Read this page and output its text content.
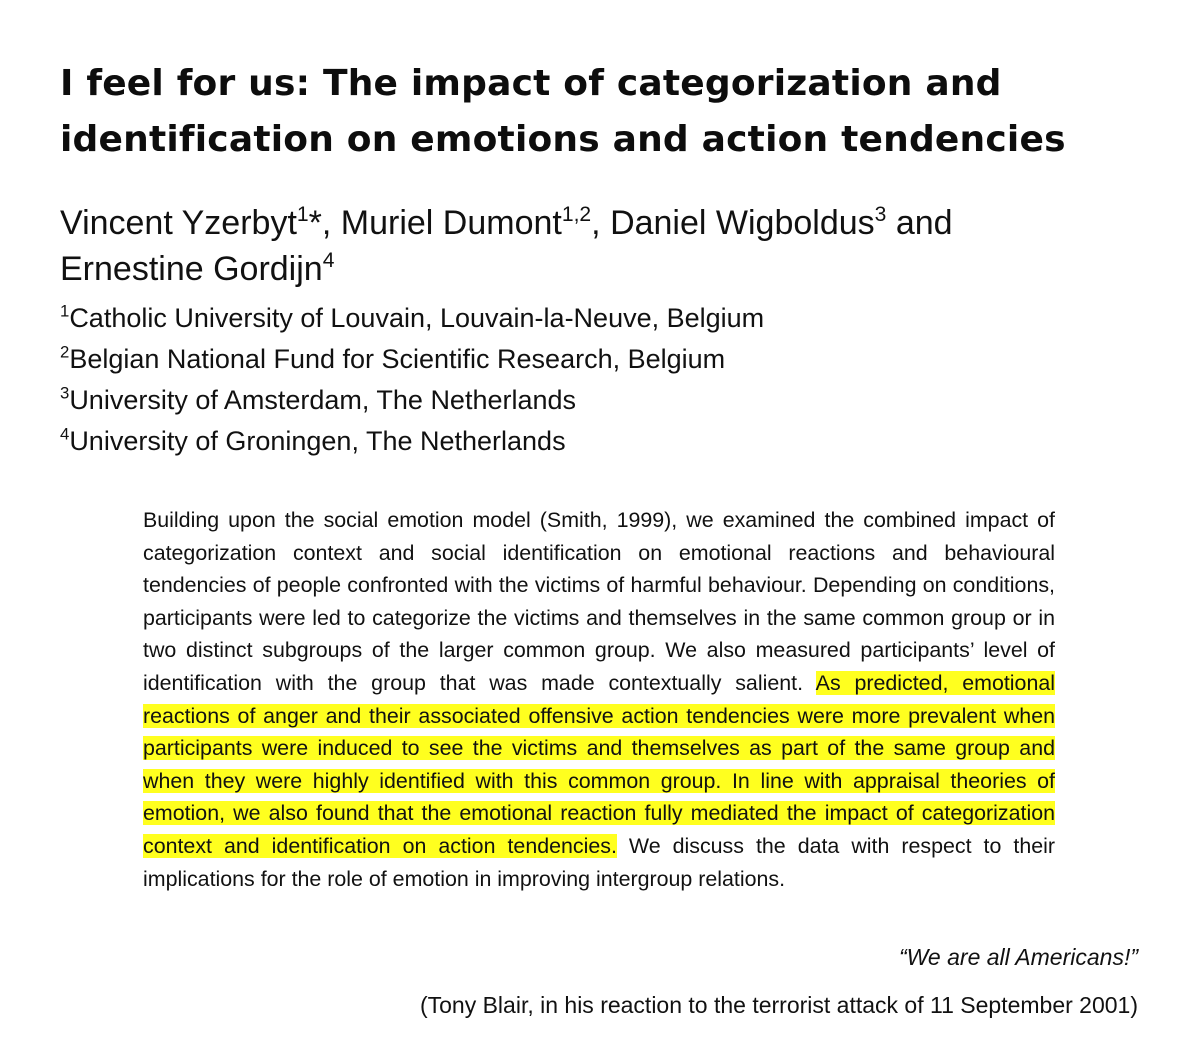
I feel for us: The impact of categorization and identification on emotions and action tendencies

Vincent Yzerbyt$^1$*, Muriel Dumont$^{1,2}$, Daniel Wigboldus$^3$ and
Ernestine Gordijn$^4$

$^1$Catholic University of Louvain, Louvain-la-Neuve, Belgium
$^2$Belgian National Fund for Scientific Research, Belgium
$^3$University of Amsterdam, The Netherlands
$^4$University of Groningen, The Netherlands

Building upon the social emotion model (Smith, 1999), we examined the combined impact of categorization context and social identification on emotional reactions and behavioural tendencies of people confronted with the victims of harmful behaviour. Depending on conditions, participants were led to categorize the victims and themselves in the same common group or in two distinct subgroups of the larger common group. We also measured participants’ level of identification with the group that was made contextually salient. As predicted, emotional reactions of anger and their associated offensive action tendencies were more prevalent when participants were induced to see the victims and themselves as part of the same group and when they were highly identified with this common group. In line with appraisal theories of emotion, we also found that the emotional reaction fully mediated the impact of categorization context and identification on action tendencies. We discuss the data with respect to their implications for the role of emotion in improving intergroup relations.

“We are all Americans!”

(Tony Blair, in his reaction to the terrorist attack of 11 September 2001)
